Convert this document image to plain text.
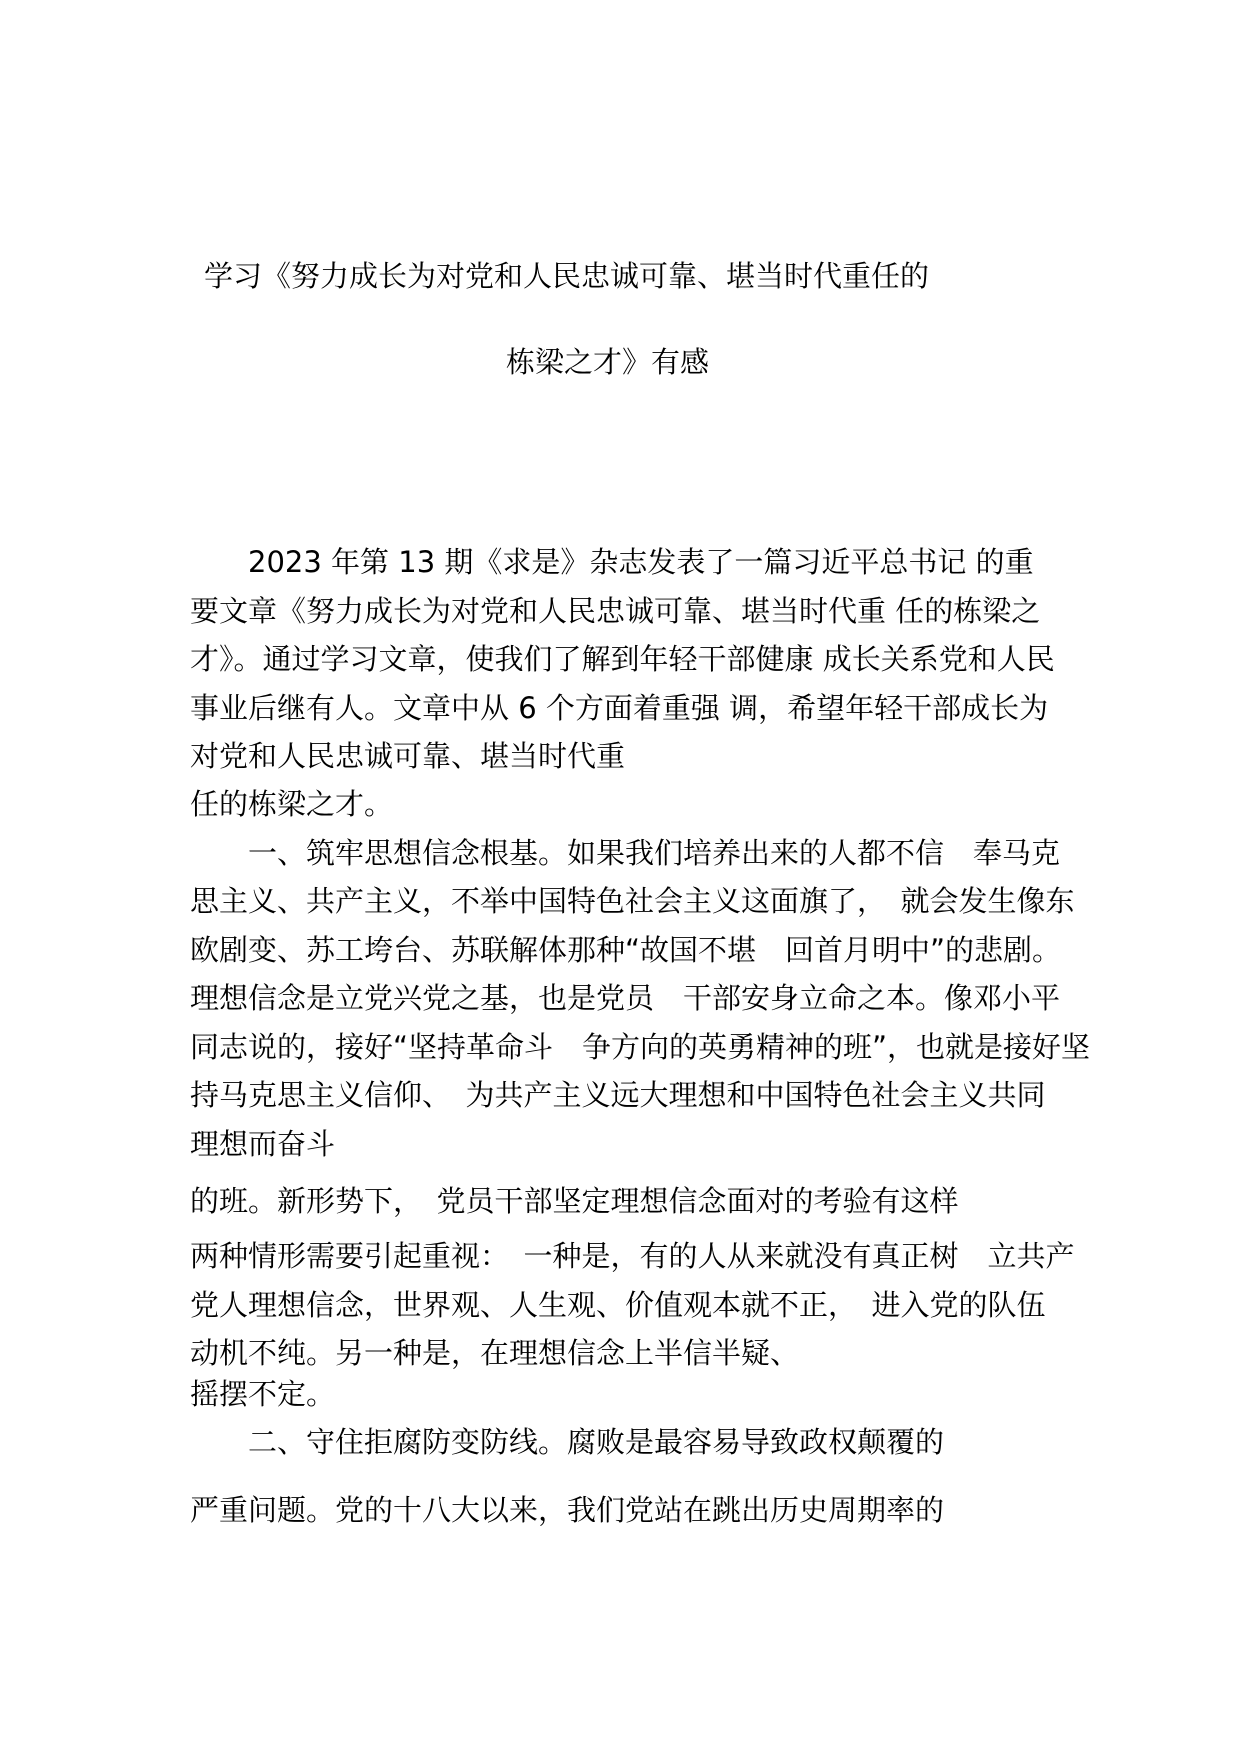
学习《努力成长为对党和人民忠诚可靠、堪当时代重任的
栋梁之才》有感
　　2023 年第 13 期《求是》杂志发表了一篇习近平总书记 的重
要文章《努力成长为对党和人民忠诚可靠、堪当时代重 任的栋梁之
才》。通过学习文章，使我们了解到年轻干部健康 成长关系党和人民
事业后继有人。文章中从 6 个方面着重强 调，希望年轻干部成长为
对党和人民忠诚可靠、堪当时代重
任的栋梁之才。
　　一、筑牢思想信念根基。如果我们培养出来的人都不信　奉马克
思主义、共产主义，不举中国特色社会主义这面旗了，　就会发生像东
欧剧变、苏工垮台、苏联解体那种“故国不堪　回首月明中”的悲剧。
理想信念是立党兴党之基，也是党员　干部安身立命之本。像邓小平
同志说的，接好“坚持革命斗　争方向的英勇精神的班”，也就是接好坚
持马克思主义信仰、　为共产主义远大理想和中国特色社会主义共同
理想而奋斗
的班。新形势下，　党员干部坚定理想信念面对的考验有这样
两种情形需要引起重视：　一种是，有的人从来就没有真正树　立共产
党人理想信念，世界观、人生观、价值观本就不正，　进入党的队伍
动机不纯。另一种是，在理想信念上半信半疑、
摇摆不定。
　　二、守住拒腐防变防线。腐败是最容易导致政权颠覆的
严重问题。党的十八大以来，我们党站在跳出历史周期率的
